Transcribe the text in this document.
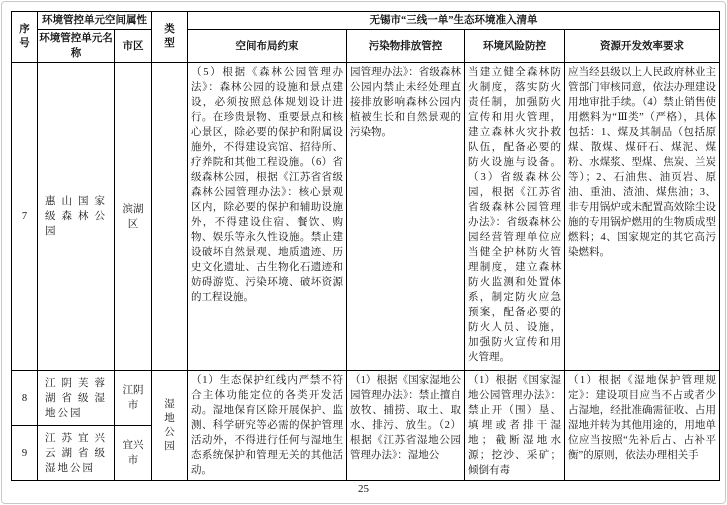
序号	环境管控单元空间属性		类型	无锡市“三线一单”生态环境准入清单			
	环境管控单元名称	市区		空间布局约束	污染物排放管控	环境风险防控	资源开发效率要求
7	惠山国家级森林公园	滨湖区		（5）根据《森林公园管理办法》：森林公园的设施和景点建设，必须按照总体规划设计进行。在珍贵景物、重要景点和核心景区，除必要的保护和附属设施外，不得建设宾馆、招待所、疗养院和其他工程设施。（6）省级森林公园，根据《江苏省省级森林公园管理办法》：核心景观区内，除必要的保护和辅助设施外，不得建设住宿、餐饮、购物、娱乐等永久性设施。禁止建设破坏自然景观、地质遗迹、历史文化遗址、古生物化石遗迹和妨碍游览、污染环境、破坏资源的工程设施。	园管理办法》：省级森林公园内禁止未经处理直接排放影响森林公园内植被生长和自然景观的污染物。	当建立健全森林防火制度，落实防火责任制，加强防火宣传和用火管理，建立森林火灾扑救队伍，配备必要的防火设施与设备。（3）省级森林公园，根据《江苏省省级森林公园管理办法》：省级森林公园经营管理单位应当健全护林防火管理制度，建立森林防火监测和处置体系，制定防火应急预案，配备必要的防火人员、设施，加强防火宣传和用火管理。	应当经县级以上人民政府林业主管部门审核同意，依法办理建设用地审批手续。（4）禁止销售使用燃料为“Ⅲ类”（严格），具体包括：1、煤及其制品（包括原煤、散煤、煤矸石、煤泥、煤粉、水煤浆、型煤、焦炭、兰炭等）；2、石油焦、油页岩、原油、重油、渣油、煤焦油；3、非专用锅炉或未配置高效除尘设施的专用锅炉燃用的生物质成型燃料；4、国家规定的其它高污染燃料。
8	江阴芙蓉湖省级湿地公园	江阴市	湿地公园	（1）生态保护红线内严禁不符合主体功能定位的各类开发活动。湿地保育区除开展保护、监测、科学研究等必需的保护管理活动外，不得进行任何与湿地生态系统保护和管理无关的其他活动。	（1）根据《国家湿地公园管理办法》：禁止擅自放牧、捕捞、取土、取水、排污、放生。（2）根据《江苏省湿地公园管理办法》：湿地公	（1）根据《国家湿地公园管理办法》：禁止开（围）垦、填埋或者排干湿地；截断湿地水源；挖沙、采矿；倾倒有毒	（1）根据《湿地保护管理规定》：建设项目应当不占或者少占湿地，经批准确需征收、占用湿地并转为其他用途的，用地单位应当按照“先补后占、占补平衡”的原则，依法办理相关手
9	江苏宜兴云湖省级湿地公园	宜兴市					
25
